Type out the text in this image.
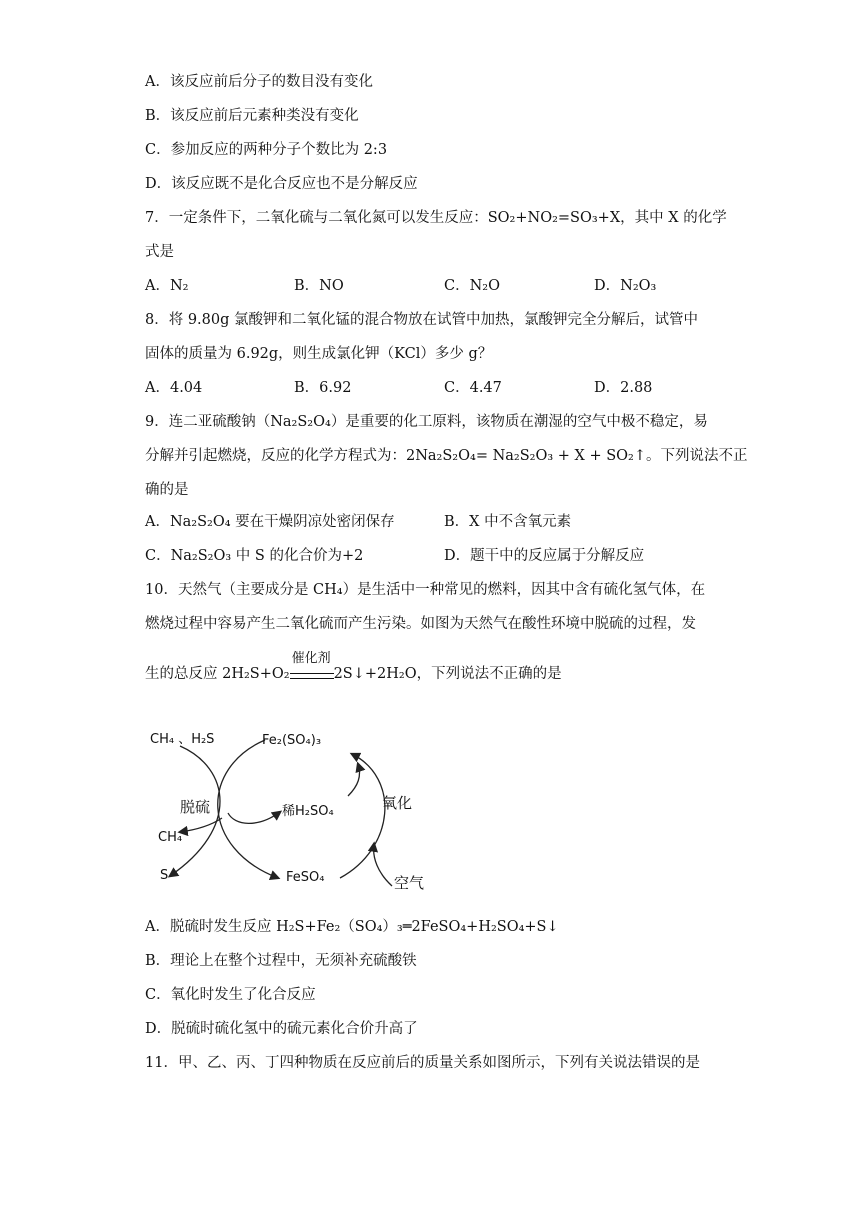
A．该反应前后分子的数目没有变化
B．该反应前后元素种类没有变化
C．参加反应的两种分子个数比为 2:3
D．该反应既不是化合反应也不是分解反应
7．一定条件下，二氧化硫与二氧化氮可以发生反应：SO₂+NO₂=SO₃+X，其中 X 的化学
式是
A．N₂	B．NO	C．N₂O	D．N₂O₃
8．将 9.80g 氯酸钾和二氧化锰的混合物放在试管中加热，氯酸钾完全分解后，试管中
固体的质量为 6.92g，则生成氯化钾（KCl）多少 g？
A．4.04	B．6.92	C．4.47	D．2.88
9．连二亚硫酸钠（Na₂S₂O₄）是重要的化工原料，该物质在潮湿的空气中极不稳定，易
分解并引起燃烧，反应的化学方程式为：2Na₂S₂O₄= Na₂S₂O₃ + X + SO₂↑。下列说法不正
确的是
A．Na₂S₂O₄ 要在干燥阴凉处密闭保存	B．X 中不含氧元素
C．Na₂S₂O₃ 中 S 的化合价为+2	D．题干中的反应属于分解反应
10．天然气（主要成分是 CH₄）是生活中一种常见的燃料，因其中含有硫化氢气体，在
燃烧过程中容易产生二氧化硫而产生污染。如图为天然气在酸性环境中脱硫的过程，发
生的总反应 2H₂S+O₂
催化剂
2S↓+2H₂O，下列说法不正确的是
CH₄ 、H₂S	Fe₂(SO₄)₃
脱硫	稀H₂SO₄	氧化
CH₄
S	FeSO₄	空气
A．脱硫时发生反应 H₂S+Fe₂（SO₄）₃═2FeSO₄+H₂SO₄+S↓
B．理论上在整个过程中，无须补充硫酸铁
C．氧化时发生了化合反应
D．脱硫时硫化氢中的硫元素化合价升高了
11．甲、乙、丙、丁四种物质在反应前后的质量关系如图所示，下列有关说法错误的是
